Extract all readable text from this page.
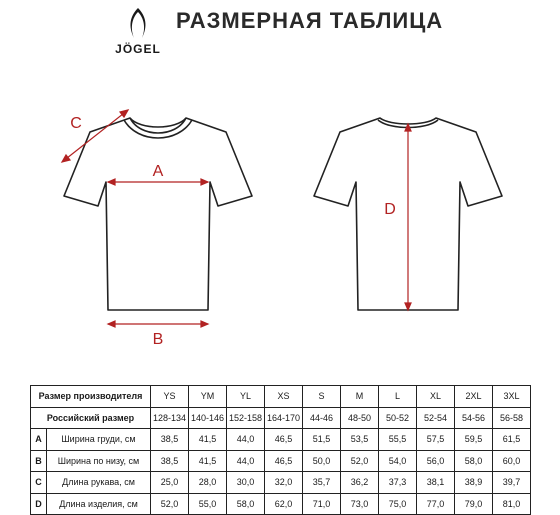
JÖGEL
РАЗМЕРНАЯ ТАБЛИЦА
A
B
C
D
Размер производителя		YS	YM	YL	XS	S	M	L	XL	2XL	3XL
Российский размер		128-134	140-146	152-158	164-170	44-46	48-50	50-52	52-54	54-56	56-58
A	Ширина груди, см	38,5	41,5	44,0	46,5	51,5	53,5	55,5	57,5	59,5	61,5
B	Ширина по низу, см	38,5	41,5	44,0	46,5	50,0	52,0	54,0	56,0	58,0	60,0
C	Длина рукава, см	25,0	28,0	30,0	32,0	35,7	36,2	37,3	38,1	38,9	39,7
D	Длина изделия, см	52,0	55,0	58,0	62,0	71,0	73,0	75,0	77,0	79,0	81,0
